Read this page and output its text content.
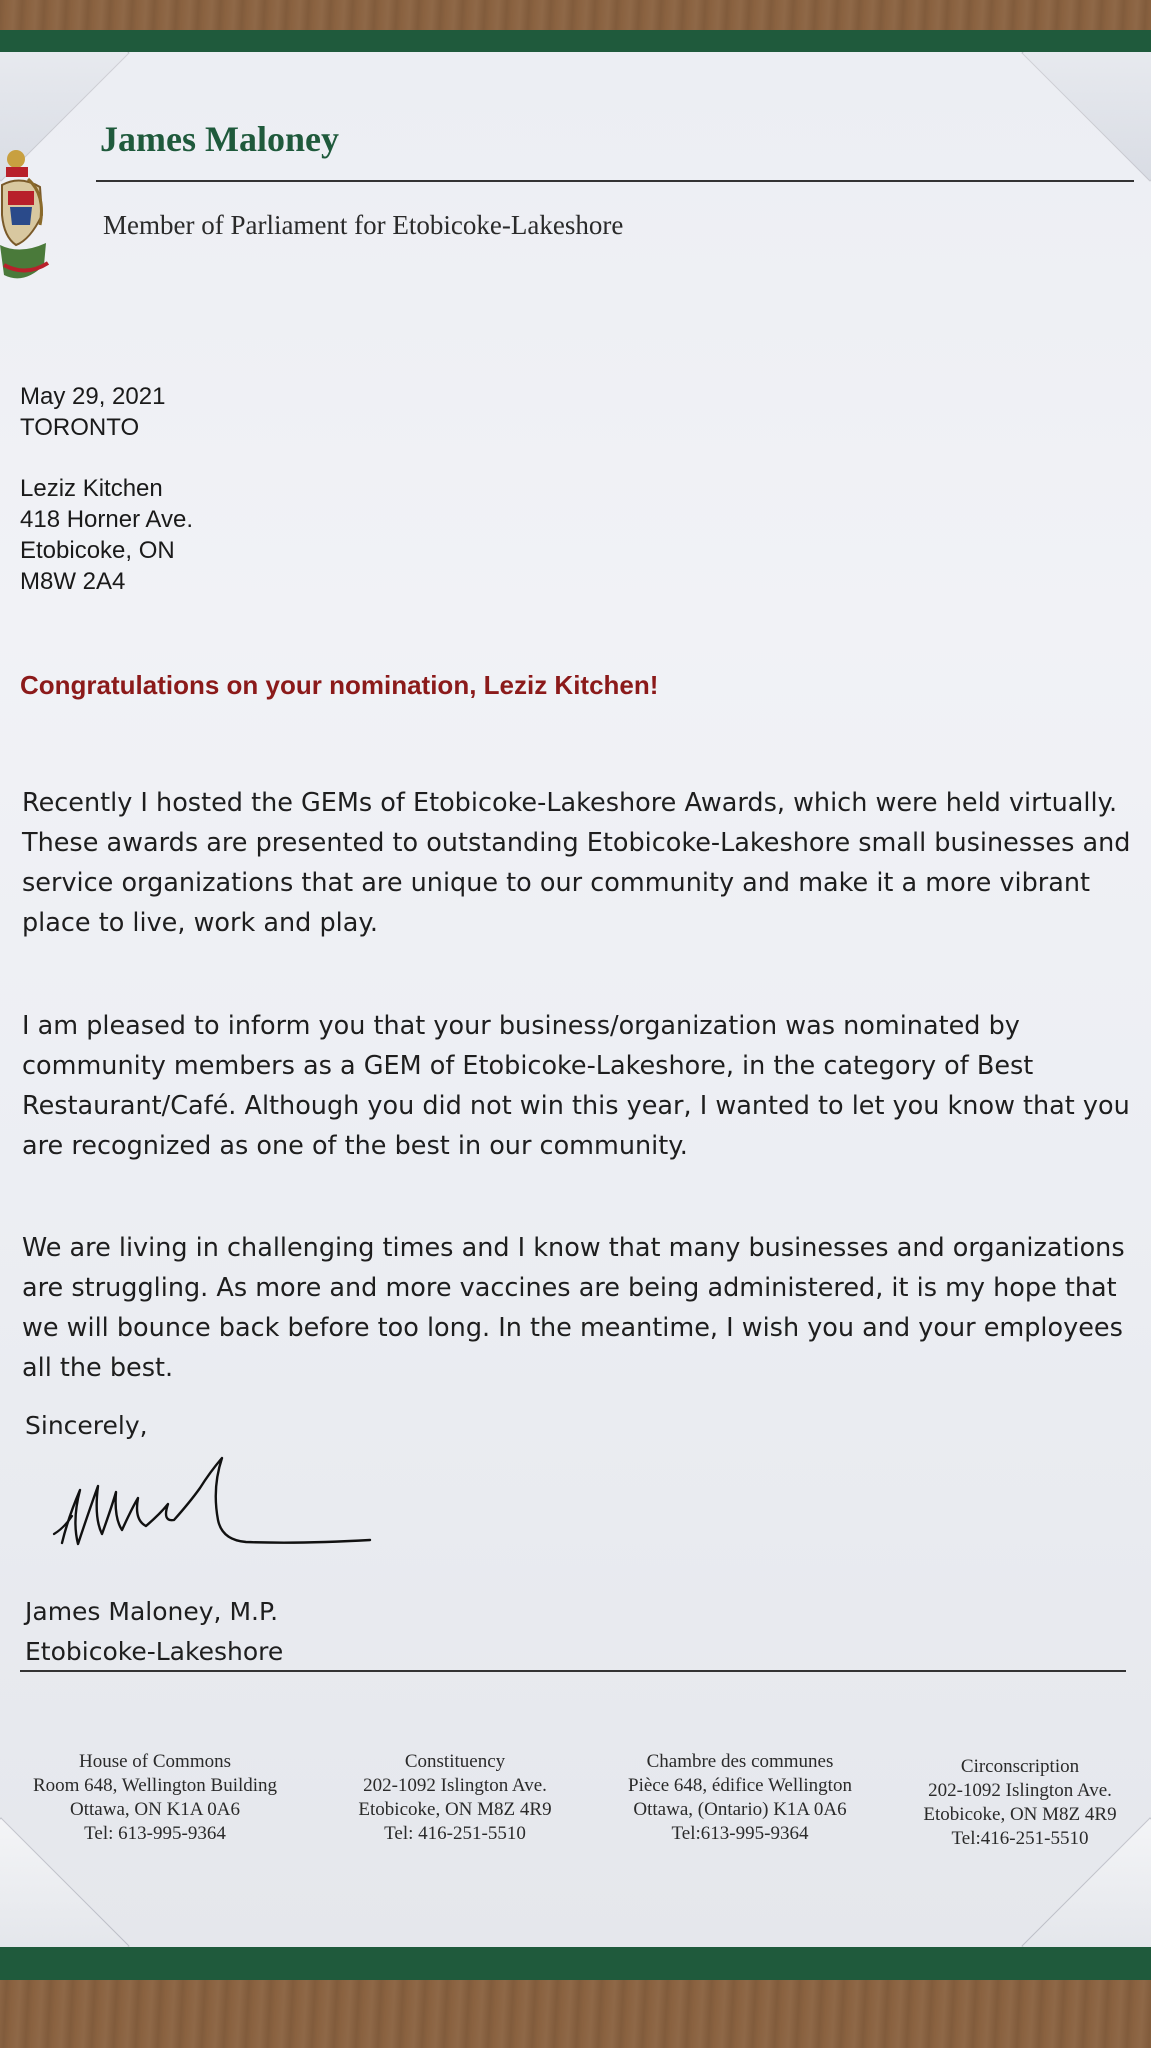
James Maloney
Member of Parliament for Etobicoke-Lakeshore
May 29, 2021
TORONTO
Leziz Kitchen
418 Horner Ave.
Etobicoke, ON
M8W 2A4
Congratulations on your nomination, Leziz Kitchen!

Recently I hosted the GEMs of Etobicoke-Lakeshore Awards, which were held virtually. These awards are presented to outstanding Etobicoke-Lakeshore small businesses and service organizations that are unique to our community and make it a more vibrant place to live, work and play.

I am pleased to inform you that your business/organization was nominated by community members as a GEM of Etobicoke-Lakeshore, in the category of Best Restaurant/Café. Although you did not win this year, I wanted to let you know that you are recognized as one of the best in our community.

We are living in challenging times and I know that many businesses and organizations are struggling. As more and more vaccines are being administered, it is my hope that we will bounce back before too long. In the meantime, I wish you and your employees all the best.

Sincerely,
James Maloney, M.P.
Etobicoke-Lakeshore
House of Commons
Room 648, Wellington Building
Ottawa, ON K1A 0A6
Tel: 613-995-9364
Constituency
202-1092 Islington Ave.
Etobicoke, ON M8Z 4R9
Tel: 416-251-5510
Chambre des communes
Pièce 648, édifice Wellington
Ottawa, (Ontario) K1A 0A6
Tel:613-995-9364
Circonscription
202-1092 Islington Ave.
Etobicoke, ON M8Z 4R9
Tel:416-251-5510
